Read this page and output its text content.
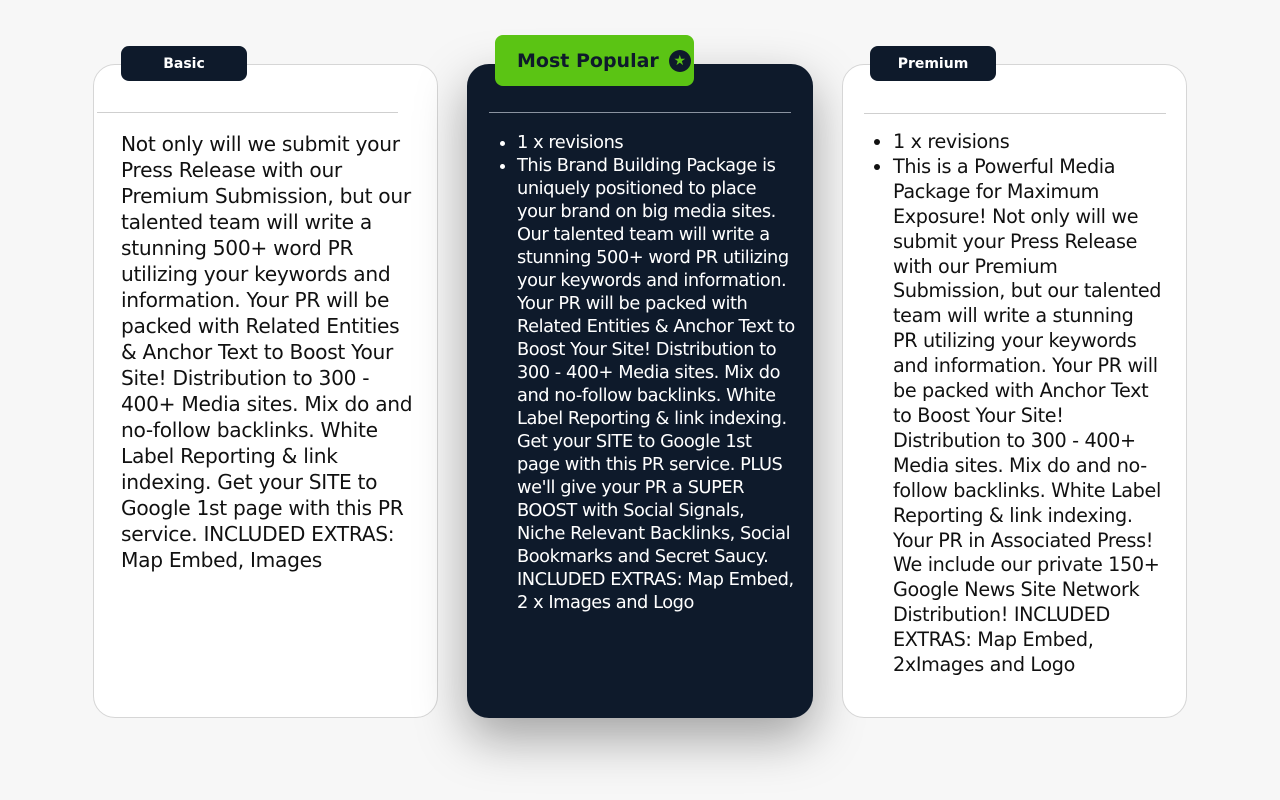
Basic

Not only will we submit your Press Release with our Premium Submission, but our talented team will write a stunning 500+ word PR utilizing your keywords and information. Your PR will be packed with Related Entities & Anchor Text to Boost Your Site! Distribution to 300 - 400+ Media sites. Mix do and no-follow backlinks. White Label Reporting & link indexing. Get your SITE to Google 1st page with this PR service. INCLUDED EXTRAS: Map Embed, Images

Most Popular	★
• 1 x revisions
• This Brand Building Package is uniquely positioned to place your brand on big media sites. Our talented team will write a stunning 500+ word PR utilizing your keywords and information. Your PR will be packed with Related Entities & Anchor Text to Boost Your Site! Distribution to 300 - 400+ Media sites. Mix do and no-follow backlinks. White Label Reporting & link indexing. Get your SITE to Google 1st page with this PR service. PLUS we'll give your PR a SUPER BOOST with Social Signals, Niche Relevant Backlinks, Social Bookmarks and Secret Saucy. INCLUDED EXTRAS: Map Embed, 2 x Images and Logo
Premium
• 1 x revisions
• This is a Powerful Media Package for Maximum Exposure! Not only will we submit your Press Release with our Premium Submission, but our talented team will write a stunning PR utilizing your keywords and information. Your PR will be packed with Anchor Text to Boost Your Site! Distribution to 300 - 400+ Media sites. Mix do and no-follow backlinks. White Label Reporting & link indexing. Your PR in Associated Press! We include our private 150+ Google News Site Network Distribution! INCLUDED EXTRAS: Map Embed, 2xImages and Logo
